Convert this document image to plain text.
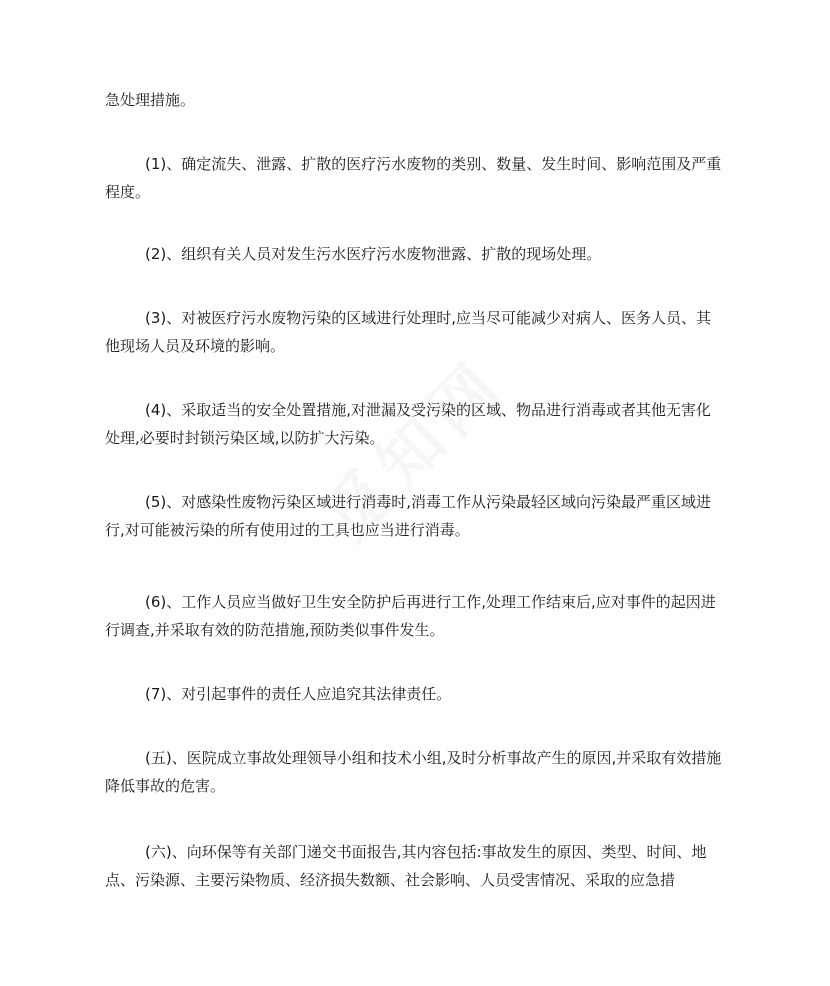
急处理措施。

(1)、确定流失、泄露、扩散的医疗污水废物的类别、数量、发生时间、影响范围及严重程度。

(2)、组织有关人员对发生污水医疗污水废物泄露、扩散的现场处理。

(3)、对被医疗污水废物污染的区域进行处理时,应当尽可能减少对病人、医务人员、其他现场人员及环境的影响。

(4)、采取适当的安全处置措施,对泄漏及受污染的区域、物品进行消毒或者其他无害化处理,必要时封锁污染区域,以防扩大污染。

(5)、对感染性废物污染区域进行消毒时,消毒工作从污染最轻区域向污染最严重区域进行,对可能被污染的所有使用过的工具也应当进行消毒。

(6)、工作人员应当做好卫生安全防护后再进行工作,处理工作结束后,应对事件的起因进行调查,并采取有效的防范措施,预防类似事件发生。

(7)、对引起事件的责任人应追究其法律责任。

(五)、医院成立事故处理领导小组和技术小组,及时分析事故产生的原因,并采取有效措施降低事故的危害。

(六)、向环保等有关部门递交书面报告,其内容包括:事故发生的原因、类型、时间、地点、污染源、主要污染物质、经济损失数额、社会影响、人员受害情况、采取的应急措
